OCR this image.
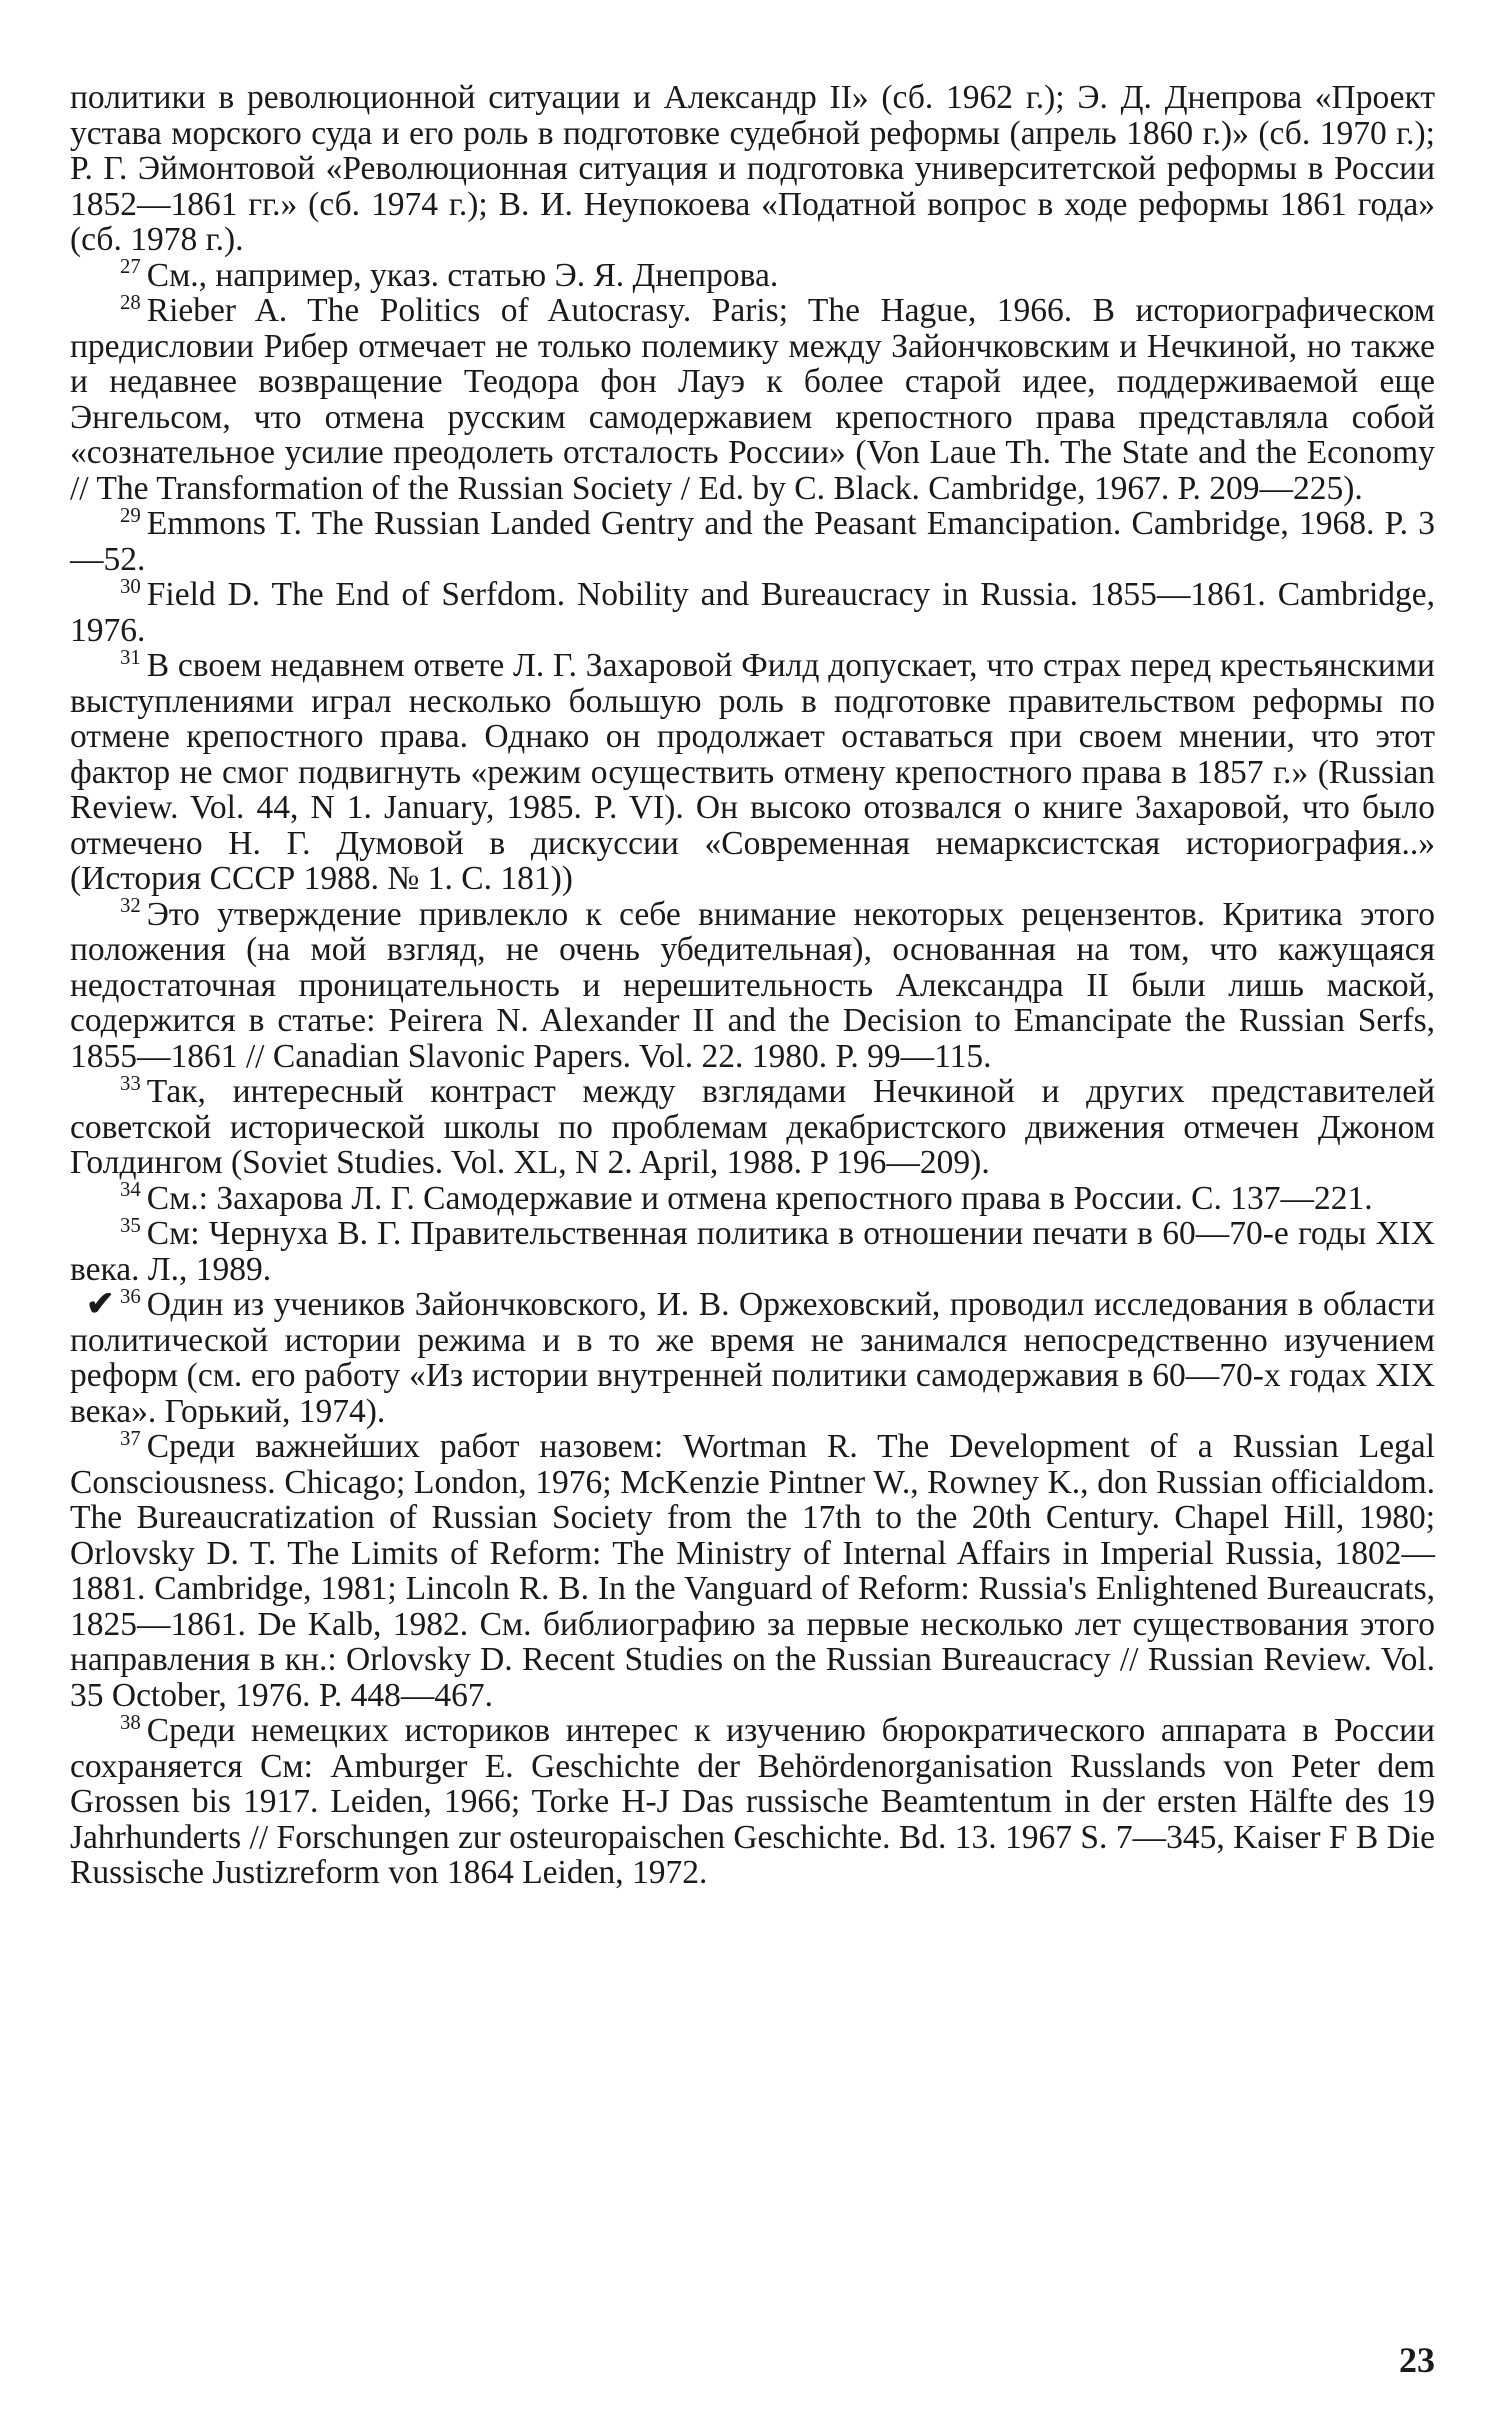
политики в революционной ситуации и Александр II» (сб. 1962 г.); Э. Д. Днепрова «Проект устава морского суда и его роль в подготовке судебной реформы (апрель 1860 г.)» (сб. 1970 г.); Р. Г. Эймонтовой «Революционная ситуация и подготовка университетской реформы в России 1852—1861 гг.» (сб. 1974 г.); В. И. Неупокоева «Податной вопрос в ходе реформы 1861 года» (сб. 1978 г.).

$^{27}$ См., например, указ. статью Э. Я. Днепрова.

$^{28}$ Rieber A. The Politics of Autocrasy. Paris; The Hague, 1966. В историографическом предисловии Рибер отмечает не только полемику между Зайончковским и Нечкиной, но также и недавнее возвращение Теодора фон Лауэ к более старой идее, поддерживаемой еще Энгельсом, что отмена русским самодержавием крепостного права представляла собой «сознательное усилие преодолеть отсталость России» (Von Laue Th. The State and the Economy // The Transformation of the Russian Society / Ed. by C. Black. Cambridge, 1967. P. 209—225).

$^{29}$ Emmons T. The Russian Landed Gentry and the Peasant Emancipation. Cambridge, 1968. P. 3—52.

$^{30}$ Field D. The End of Serfdom. Nobility and Bureaucracy in Russia. 1855—1861. Cambridge, 1976.

$^{31}$ В своем недавнем ответе Л. Г. Захаровой Филд допускает, что страх перед крестьянскими выступлениями играл несколько большую роль в подготовке правительством реформы по отмене крепостного права. Однако он продолжает оставаться при своем мнении, что этот фактор не смог подвигнуть «режим осуществить отмену крепостного права в 1857 г.» (Russian Review. Vol. 44, N 1. January, 1985. P. VI). Он высоко отозвался о книге Захаровой, что было отмечено Н. Г. Думовой в дискуссии «Современная немарксистская историография..» (История СССР 1988. № 1. С. 181))

$^{32}$ Это утверждение привлекло к себе внимание некоторых рецензентов. Критика этого положения (на мой взгляд, не очень убедительная), основанная на том, что кажущаяся недостаточная проницательность и нерешительность Александра II были лишь маской, содержится в статье: Peirera N. Alexander II and the Decision to Emancipate the Russian Serfs, 1855—1861 // Canadian Slavonic Papers. Vol. 22. 1980. P. 99—115.

$^{33}$ Так, интересный контраст между взглядами Нечкиной и других представителей советской исторической школы по проблемам декабристского движения отмечен Джоном Голдингом (Soviet Studies. Vol. XL, N 2. April, 1988. P 196—209).

$^{34}$ См.: Захарова Л. Г. Самодержавие и отмена крепостного права в России. С. 137—221.

$^{35}$ См: Чернуха В. Г. Правительственная политика в отношении печати в 60—70-е годы XIX века. Л., 1989.

✔ $^{36}$ Один из учеников Зайончковского, И. В. Оржеховский, проводил исследования в области политической истории режима и в то же время не занимался непосредственно изучением реформ (см. его работу «Из истории внутренней политики самодержавия в 60—70-х годах XIX века». Горький, 1974).

$^{37}$ Среди важнейших работ назовем: Wortman R. The Development of a Russian Legal Consciousness. Chicago; London, 1976; McKenzie Pintner W., Rowney K., don Russian officialdom. The Bureaucratization of Russian Society from the 17th to the 20th Century. Chapel Hill, 1980; Orlovsky D. T. The Limits of Reform: The Ministry of Internal Affairs in Imperial Russia, 1802—1881. Cambridge, 1981; Lincoln R. B. In the Vanguard of Reform: Russia's Enlightened Bureaucrats, 1825—1861. De Kalb, 1982. См. библиографию за первые несколько лет существования этого направления в кн.: Orlovsky D. Recent Studies on the Russian Bureaucracy // Russian Review. Vol. 35 October, 1976. P. 448—467.

$^{38}$ Среди немецких историков интерес к изучению бюрократического аппарата в России сохраняется См: Amburger E. Geschichte der Behördenorganisation Russlands von Peter dem Grossen bis 1917. Leiden, 1966; Torke H-J Das russische Beamtentum in der ersten Hälfte des 19 Jahrhunderts // Forschungen zur osteuropaischen Geschichte. Bd. 13. 1967 S. 7—345, Kaiser F B Die Russische Justizreform von 1864 Leiden, 1972.

23
